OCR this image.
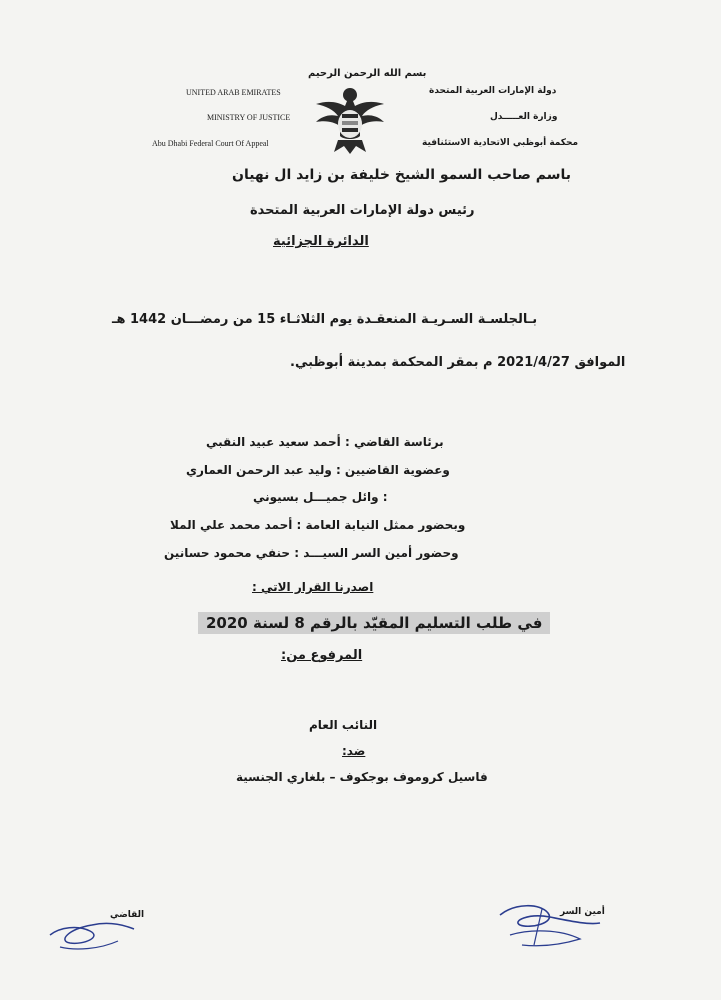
بسم الله الرحمن الرحيم
UNITED ARAB EMIRATES
MINISTRY OF JUSTICE
Abu Dhabi Federal Court Of Appeal
دولة الإمارات العربية المتحدة
وزارة العـــــدل
محكمة أبوظبي الاتحادية الاستئنافية
باسم صاحب السمو الشيخ خليفة بن زايد ال نهيان
رئيس دولة الإمارات العربية المتحدة
الدائرة الجزائية
بـالجلسـة السـريـة المنعقـدة يوم الثلاثـاء 15 من رمضـــان 1442 هـ
الموافق 2021/4/27 م بمقر المحكمة بمدينة أبوظبي.
برئاسة القاضي : أحمد سعيد عبيد النقبي
وعضوية القاضيين : وليد عبد الرحمن العماري
: وائل جميـــل بسيوني
وبحضور ممثل النيابة العامة : أحمد محمد علي الملا
وحضور أمين السر السيـــد : حنفي محمود حسانين
اصدرنا القرار الاتي :
في طلب التسليم المقيّد بالرقم 8 لسنة 2020
المرفوع من:
النائب العام
ضد:
فاسيل كروموف بوجكوف – بلغاري الجنسية
أمين السر
القاضي
